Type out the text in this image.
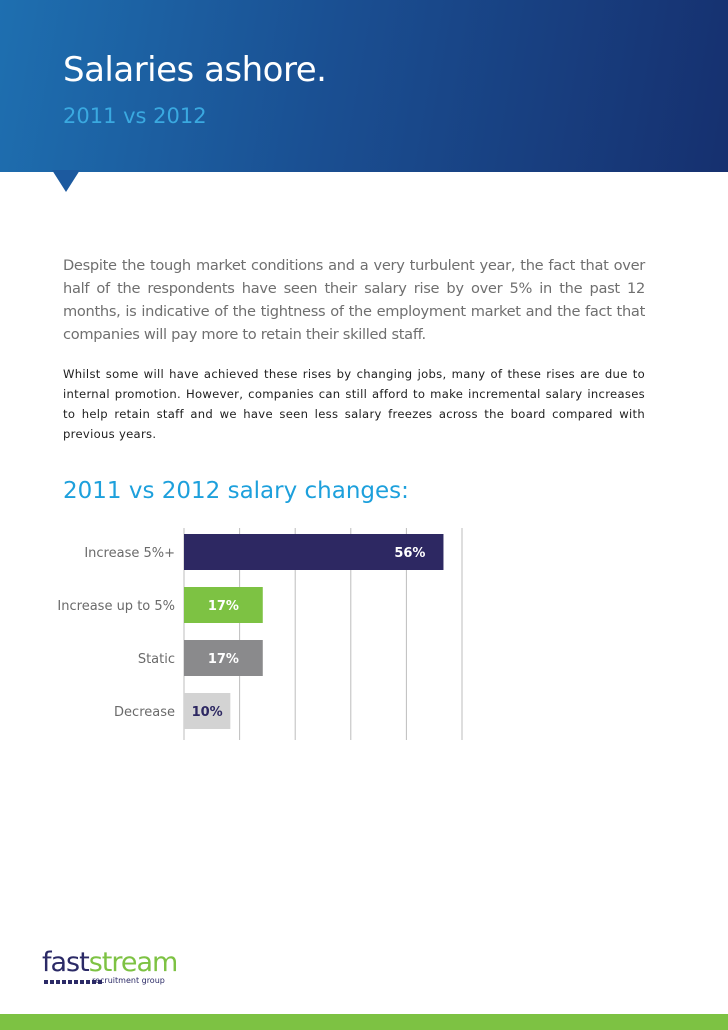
Salaries ashore.
2011 vs 2012

Despite the tough market conditions and a very turbulent year, the fact that over half of the respondents have seen their salary rise by over 5% in the past 12 months, is indicative of the tightness of the employment market and the fact that companies will pay more to retain their skilled staff.

Whilst some will have achieved these rises by changing jobs, many of these rises are due to internal promotion. However, companies can still afford to make incremental salary increases to help retain staff and we have seen less salary freezes across the board compared with previous years.

2011 vs 2012 salary changes:
Increase 5%+	56%
Increase up to 5%	17%
Static	17%
Decrease 10%
faststream
recruitment group
